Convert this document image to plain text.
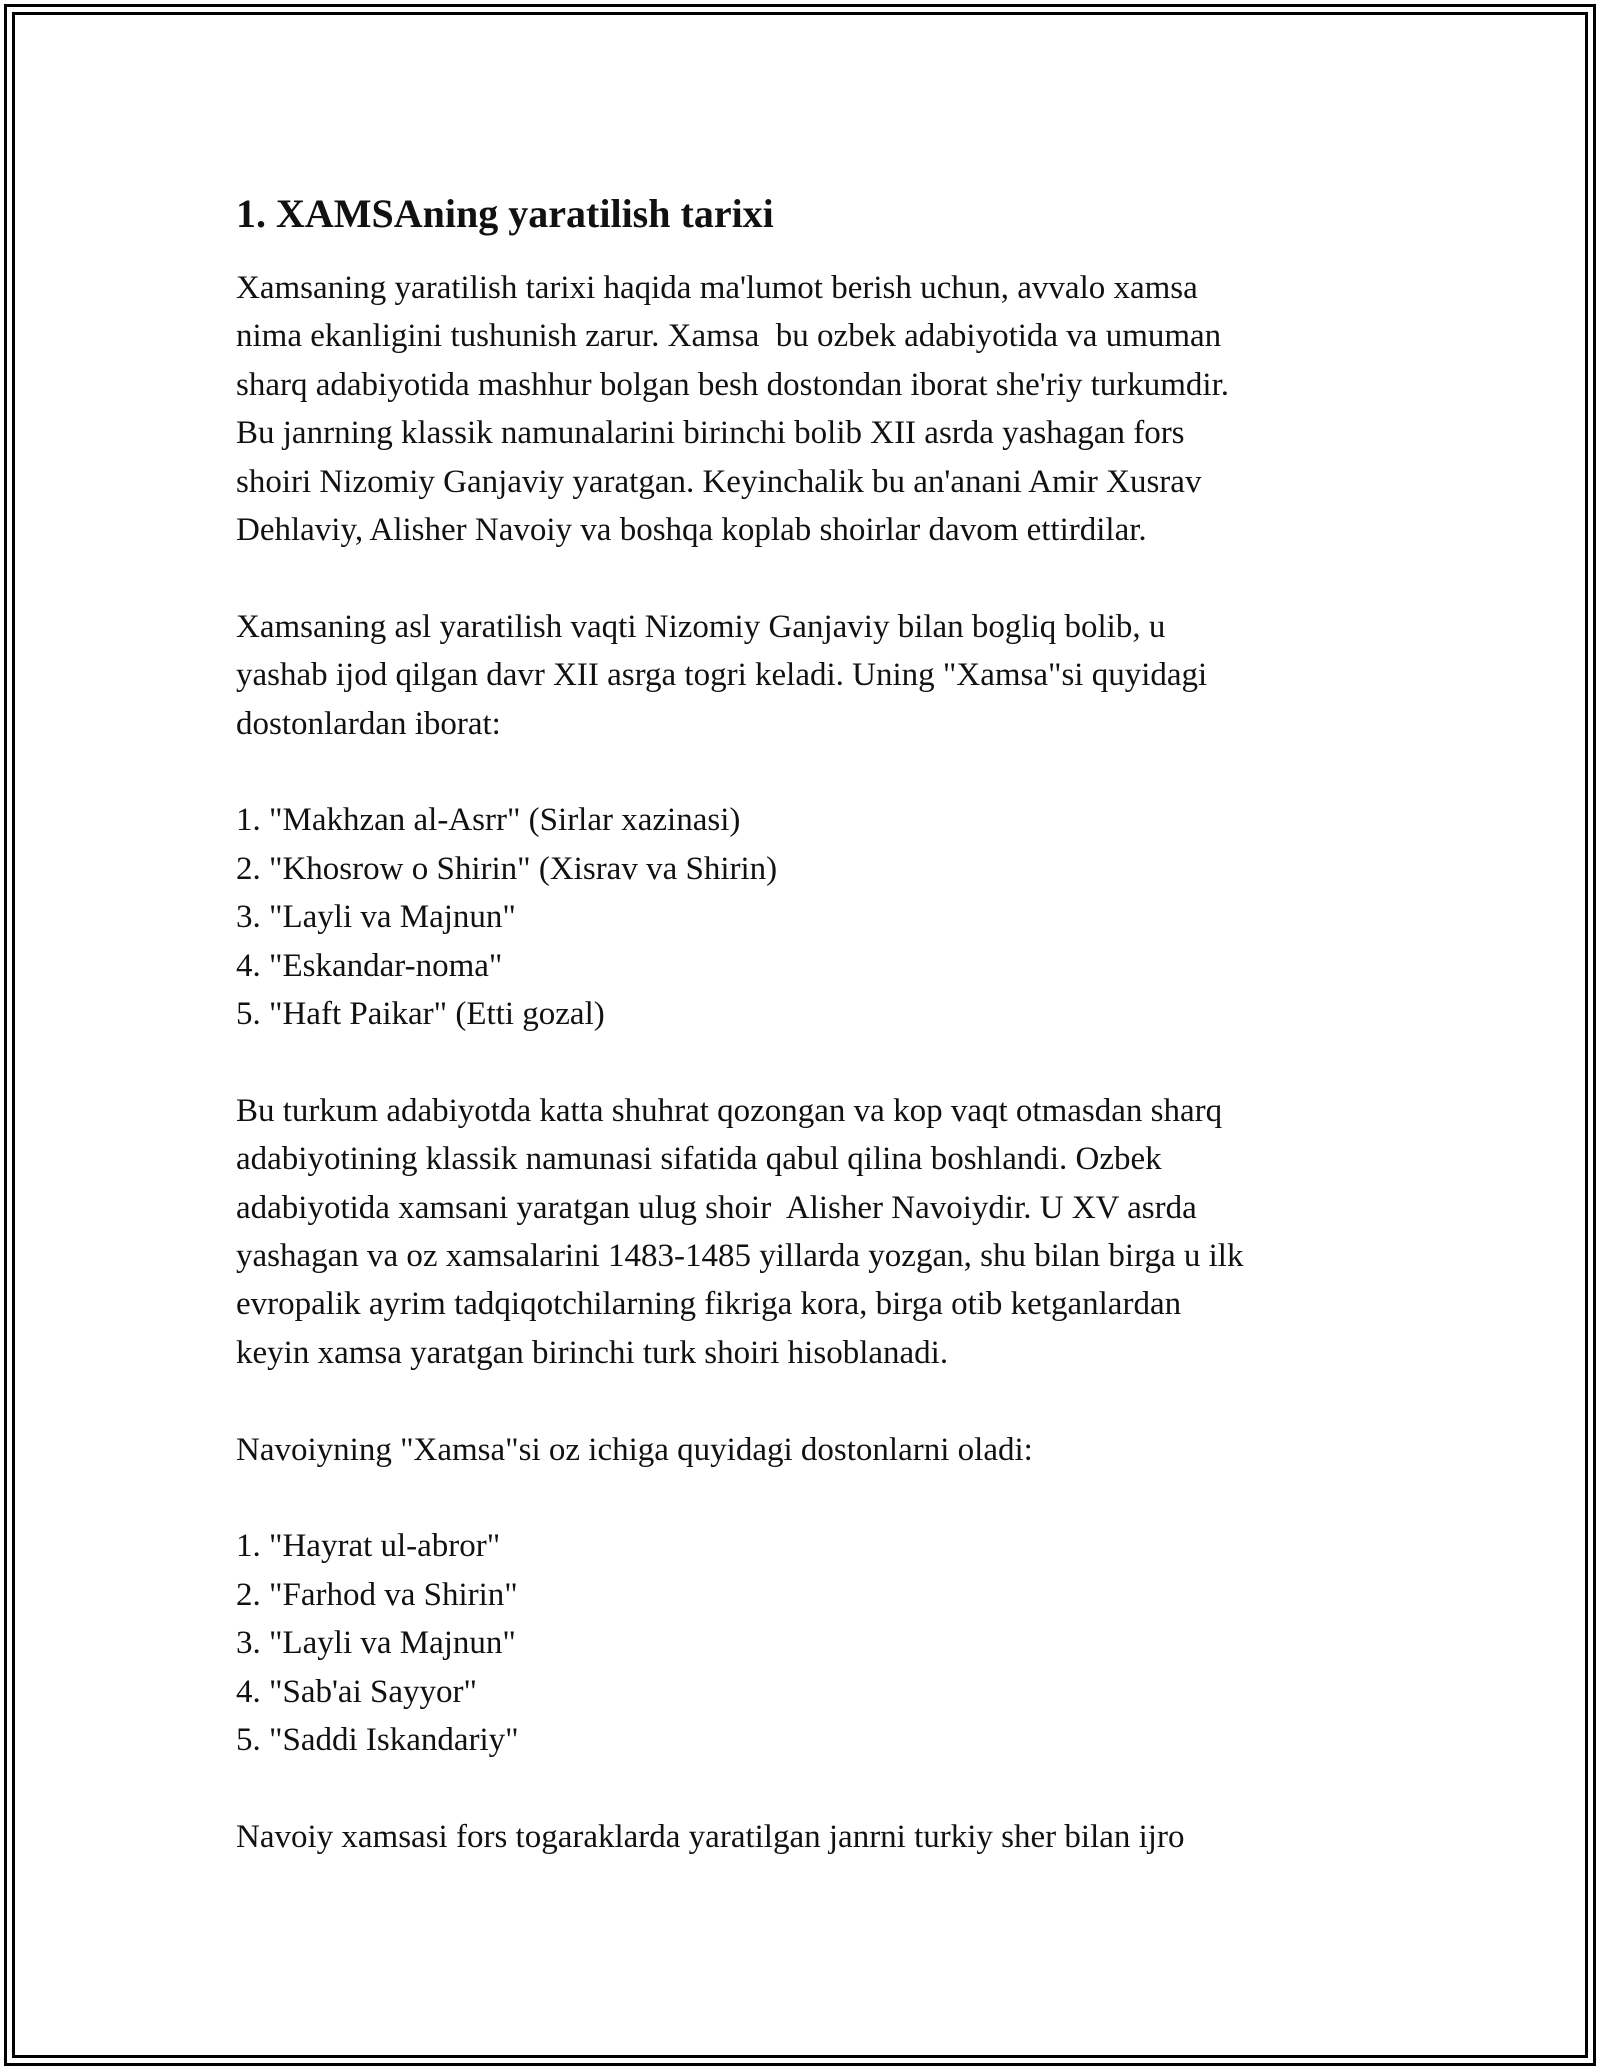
1. XAMSAning yaratilish tarixi

Xamsaning yaratilish tarixi haqida ma'lumot berish uchun, avvalo xamsa

nima ekanligini tushunish zarur. Xamsa  bu ozbek adabiyotida va umuman

sharq adabiyotida mashhur bolgan besh dostondan iborat she'riy turkumdir.

Bu janrning klassik namunalarini birinchi bolib XII asrda yashagan fors

shoiri Nizomiy Ganjaviy yaratgan. Keyinchalik bu an'anani Amir Xusrav

Dehlaviy, Alisher Navoiy va boshqa koplab shoirlar davom ettirdilar.

Xamsaning asl yaratilish vaqti Nizomiy Ganjaviy bilan bogliq bolib, u

yashab ijod qilgan davr XII asrga togri keladi. Uning "Xamsa"si quyidagi

dostonlardan iborat:

1. "Makhzan al-Asrr" (Sirlar xazinasi)
2. "Khosrow o Shirin" (Xisrav va Shirin)
3. "Layli va Majnun"
4. "Eskandar-noma"
5. "Haft Paikar" (Etti gozal)

Bu turkum adabiyotda katta shuhrat qozongan va kop vaqt otmasdan sharq

adabiyotining klassik namunasi sifatida qabul qilina boshlandi. Ozbek

adabiyotida xamsani yaratgan ulug shoir  Alisher Navoiydir. U XV asrda

yashagan va oz xamsalarini 1483-1485 yillarda yozgan, shu bilan birga u ilk

evropalik ayrim tadqiqotchilarning fikriga kora, birga otib ketganlardan

keyin xamsa yaratgan birinchi turk shoiri hisoblanadi.

Navoiyning "Xamsa"si oz ichiga quyidagi dostonlarni oladi:

1. "Hayrat ul-abror"
2. "Farhod va Shirin"
3. "Layli va Majnun"
4. "Sab'ai Sayyor"
5. "Saddi Iskandariy"

Navoiy xamsasi fors togaraklarda yaratilgan janrni turkiy sher bilan ijro
